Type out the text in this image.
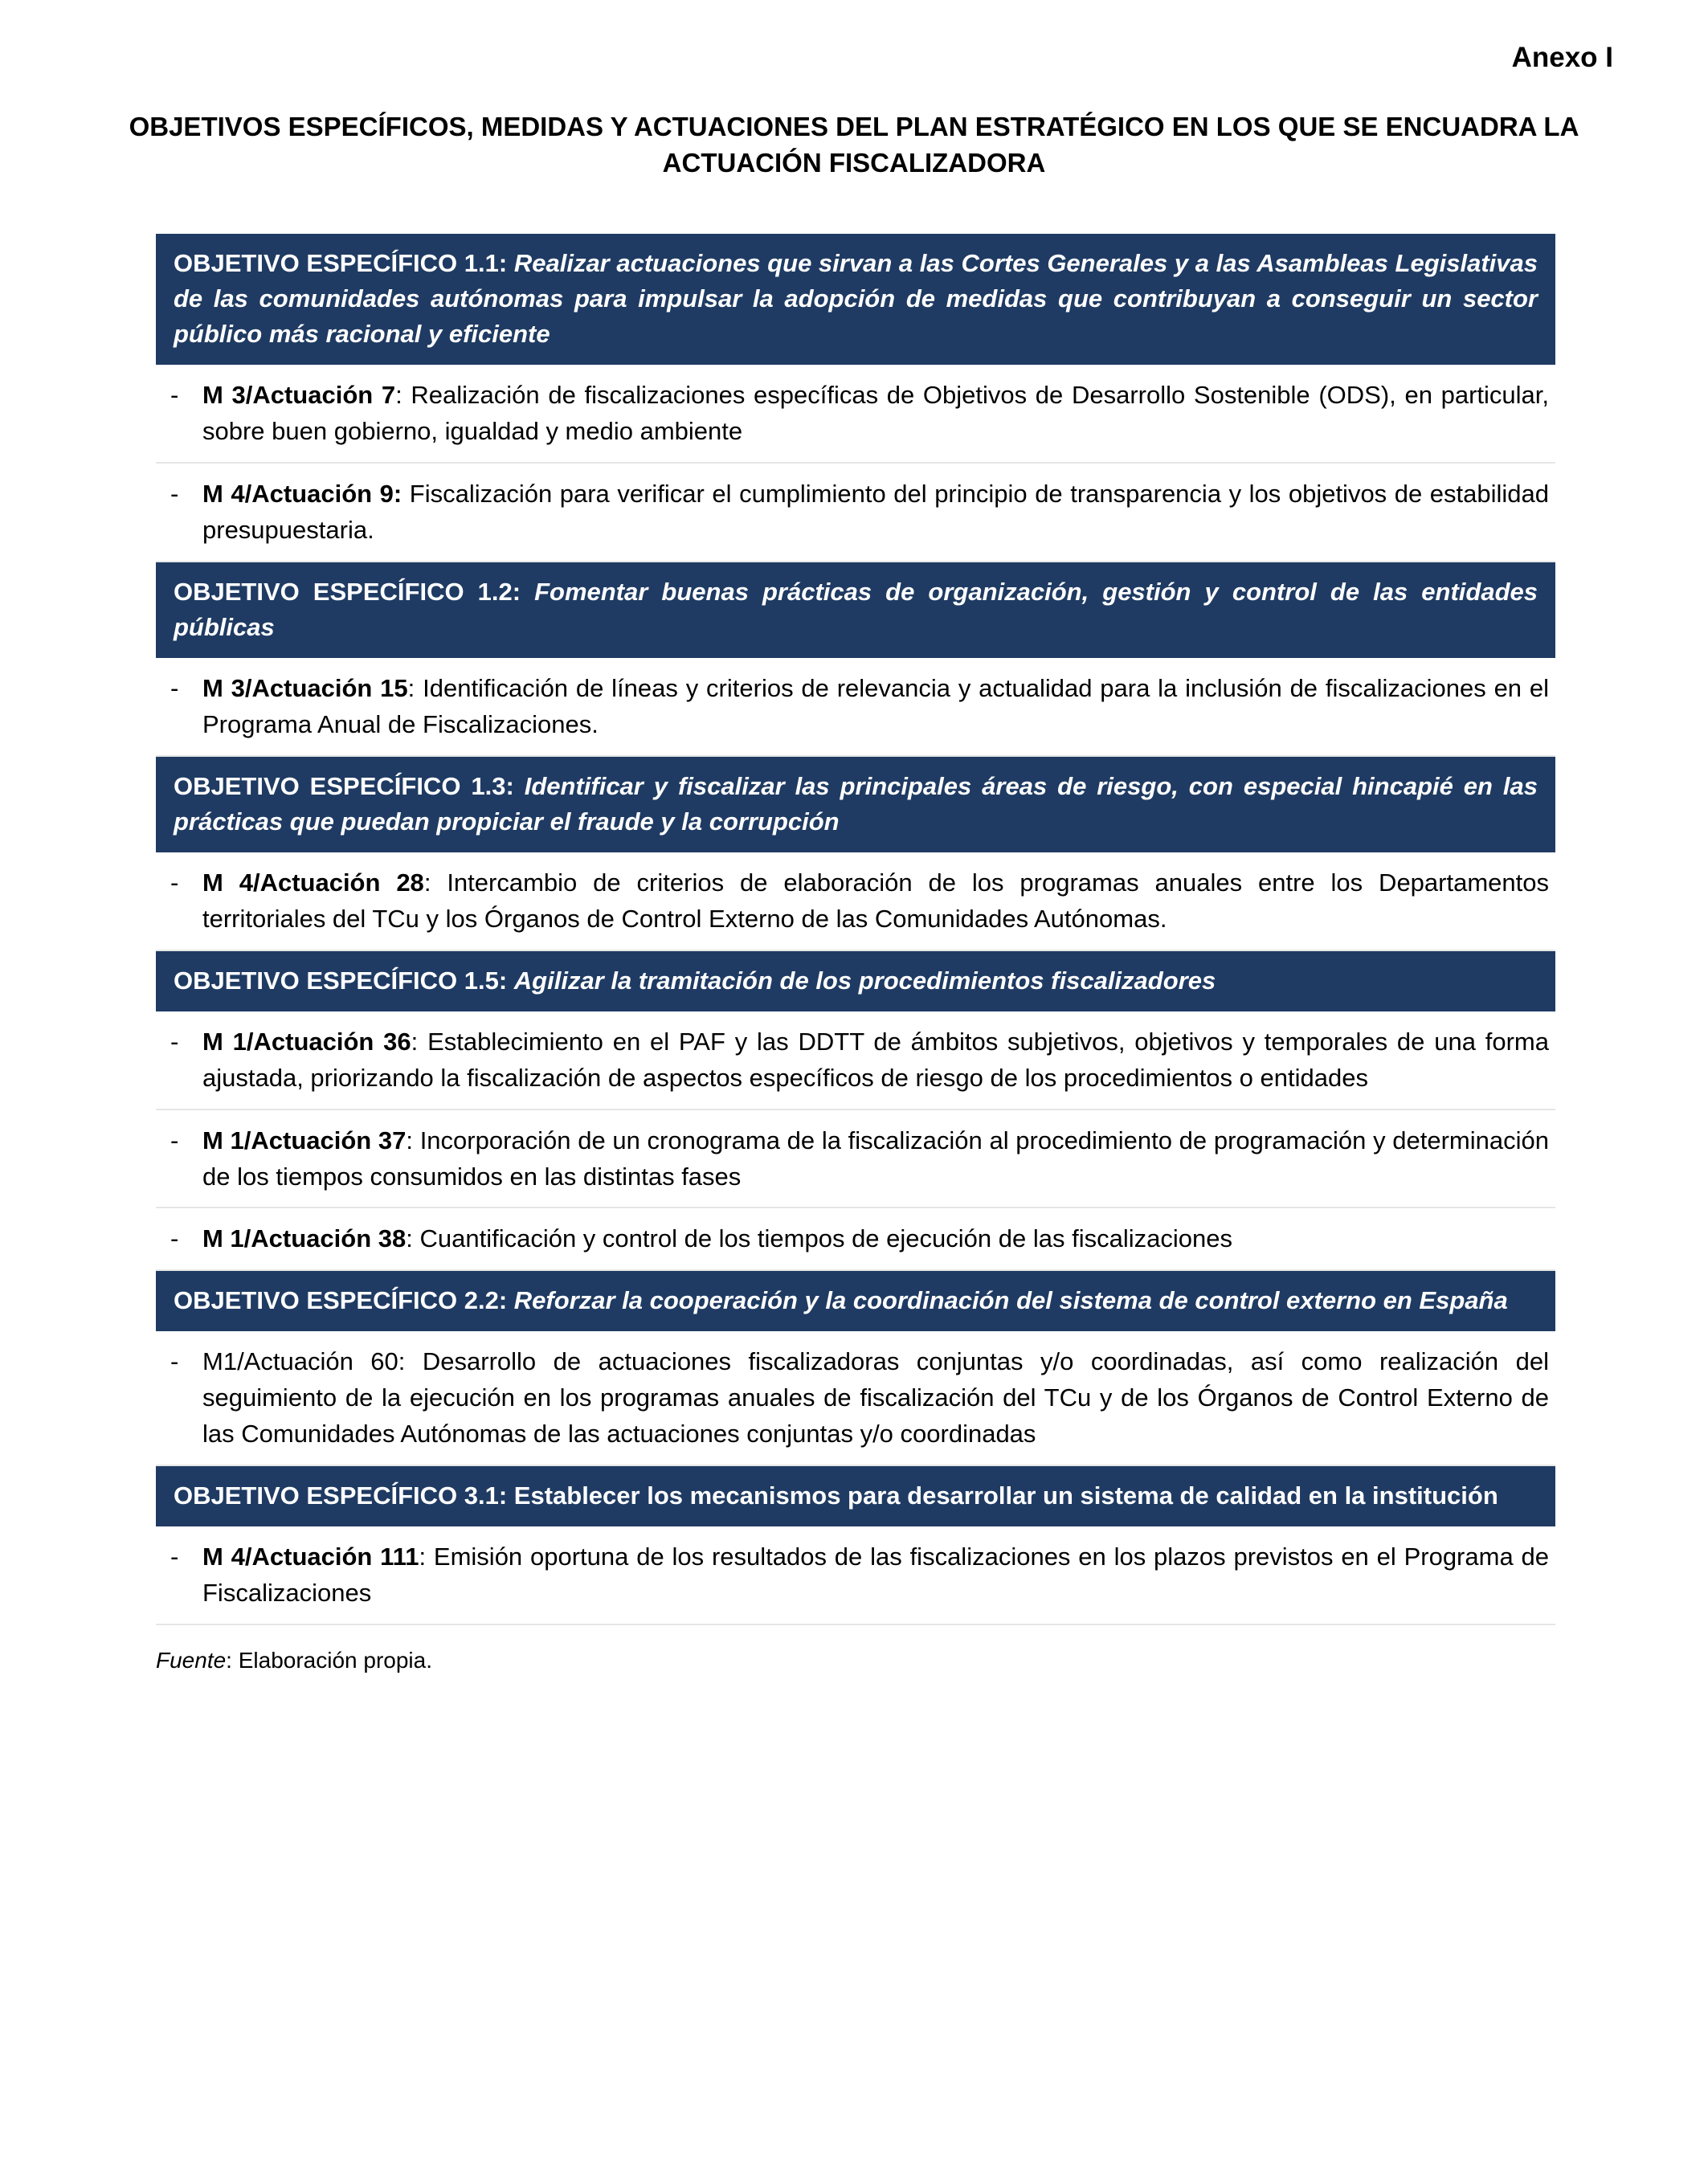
Anexo I
OBJETIVOS ESPECÍFICOS, MEDIDAS Y ACTUACIONES DEL PLAN ESTRATÉGICO EN LOS QUE SE ENCUADRA LA ACTUACIÓN FISCALIZADORA
OBJETIVO ESPECÍFICO 1.1: Realizar actuaciones que sirvan a las Cortes Generales y a las Asambleas Legislativas de las comunidades autónomas para impulsar la adopción de medidas que contribuyan a conseguir un sector público más racional y eficiente
- M 3/Actuación 7: Realización de fiscalizaciones específicas de Objetivos de Desarrollo Sostenible (ODS), en particular, sobre buen gobierno, igualdad y medio ambiente

- M 4/Actuación 9: Fiscalización para verificar el cumplimiento del principio de transparencia y los objetivos de estabilidad presupuestaria.

OBJETIVO ESPECÍFICO 1.2: Fomentar buenas prácticas de organización, gestión y control de las entidades públicas
- M 3/Actuación 15: Identificación de líneas y criterios de relevancia y actualidad para la inclusión de fiscalizaciones en el Programa Anual de Fiscalizaciones.

OBJETIVO ESPECÍFICO 1.3: Identificar y fiscalizar las principales áreas de riesgo, con especial hincapié en las prácticas que puedan propiciar el fraude y la corrupción
- M 4/Actuación 28: Intercambio de criterios de elaboración de los programas anuales entre los Departamentos territoriales del TCu y los Órganos de Control Externo de las Comunidades Autónomas.

OBJETIVO ESPECÍFICO 1.5: Agilizar la tramitación de los procedimientos fiscalizadores
- M 1/Actuación 36: Establecimiento en el PAF y las DDTT de ámbitos subjetivos, objetivos y temporales de una forma ajustada, priorizando la fiscalización de aspectos específicos de riesgo de los procedimientos o entidades

- M 1/Actuación 37: Incorporación de un cronograma de la fiscalización al procedimiento de programación y determinación de los tiempos consumidos en las distintas fases

- M 1/Actuación 38: Cuantificación y control de los tiempos de ejecución de las fiscalizaciones

OBJETIVO ESPECÍFICO 2.2: Reforzar la cooperación y la coordinación del sistema de control externo en España
- M1/Actuación 60: Desarrollo de actuaciones fiscalizadoras conjuntas y/o coordinadas, así como realización del seguimiento de la ejecución en los programas anuales de fiscalización del TCu y de los Órganos de Control Externo de las Comunidades Autónomas de las actuaciones conjuntas y/o coordinadas

OBJETIVO ESPECÍFICO 3.1: Establecer los mecanismos para desarrollar un sistema de calidad en la institución
- M 4/Actuación 111: Emisión oportuna de los resultados de las fiscalizaciones en los plazos previstos en el Programa de Fiscalizaciones

Fuente: Elaboración propia.
